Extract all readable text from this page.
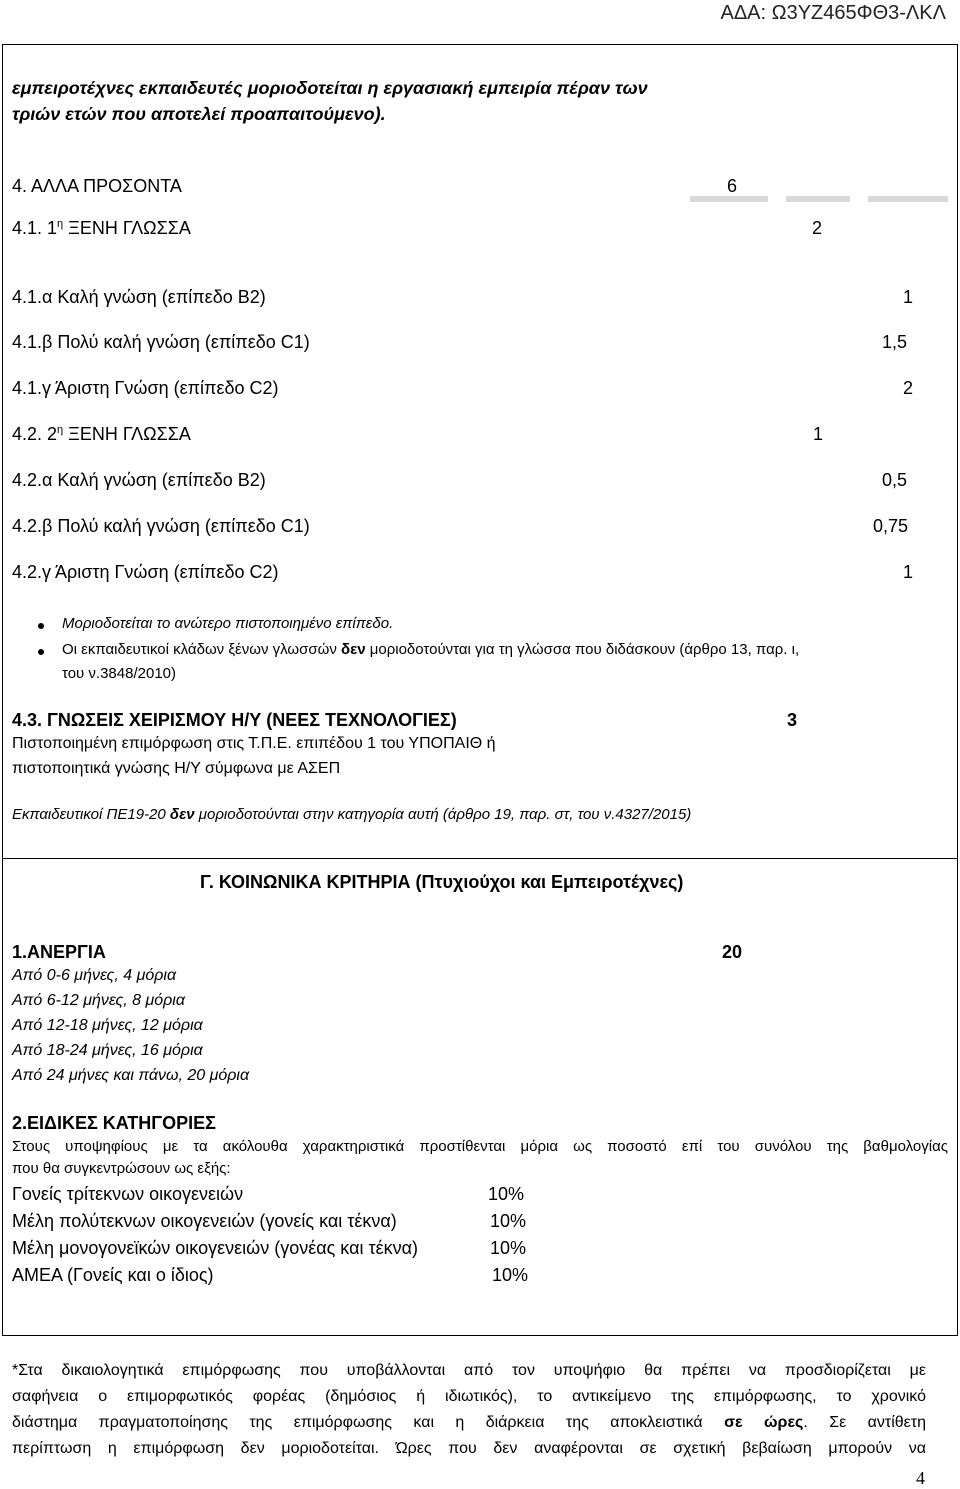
ΑΔΑ: Ω3ΥΖ465ΦΘ3-ΛΚΛ
εμπειροτέχνες εκπαιδευτές μοριοδοτείται η εργασιακή εμπειρία πέραν των
τριών ετών που αποτελεί προαπαιτούμενο).
4. ΑΛΛΑ ΠΡΟΣΟΝΤΑ	6
4.1. $1^\eta$ ΞΕΝΗ ΓΛΩΣΣΑ	2
4.1.α Καλή γνώση (επίπεδο Β2)	1
4.1.β Πολύ καλή γνώση (επίπεδο C1)	1,5
4.1.γ Άριστη Γνώση (επίπεδο C2)	2
4.2. $2^\eta$ ΞΕΝΗ ΓΛΩΣΣΑ	1
4.2.α Καλή γνώση (επίπεδο Β2)	0,5
4.2.β Πολύ καλή γνώση (επίπεδο C1)	0,75
4.2.γ Άριστη Γνώση (επίπεδο C2)	1
Μοριοδοτείται το ανώτερο πιστοποιημένο επίπεδο.
Οι εκπαιδευτικοί κλάδων ξένων γλωσσών δεν μοριοδοτούνται για τη γλώσσα που διδάσκουν (άρθρο 13, παρ. ι,
του ν.3848/2010)
4.3. ΓΝΩΣΕΙΣ ΧΕΙΡΙΣΜΟΥ Η/Υ (ΝΕΕΣ ΤΕΧΝΟΛΟΓΙΕΣ)	3
Πιστοποιημένη επιμόρφωση στις Τ.Π.Ε. επιπέδου 1 του ΥΠΟΠΑΙΘ ή
πιστοποιητικά γνώσης Η/Υ σύμφωνα με ΑΣΕΠ
Εκπαιδευτικοί ΠΕ19-20 δεν μοριοδοτούνται στην κατηγορία αυτή (άρθρο 19, παρ. στ, του ν.4327/2015)
Γ. ΚΟΙΝΩΝΙΚΑ ΚΡΙΤΗΡΙΑ (Πτυχιούχοι και Εμπειροτέχνες)
1.ΑΝΕΡΓΙΑ	20
Από 0-6 μήνες, 4 μόρια
Από 6-12 μήνες, 8 μόρια
Από 12-18 μήνες, 12 μόρια
Από 18-24 μήνες, 16 μόρια
Από 24 μήνες και πάνω, 20 μόρια
2.ΕΙΔΙΚΕΣ ΚΑΤΗΓΟΡΙΕΣ
Στους υποψηφίους με τα ακόλουθα χαρακτηριστικά προστίθενται μόρια ως ποσοστό επί του συνόλου της βαθμολογίας
που θα συγκεντρώσουν ως εξής:
Γονείς τρίτεκνων οικογενειών	10%
Μέλη πολύτεκνων οικογενειών (γονείς και τέκνα)	10%
Μέλη μονογονεϊκών οικογενειών (γονέας και τέκνα)	10%
ΑΜΕΑ (Γονείς και ο ίδιος)	10%
*Στα δικαιολογητικά επιμόρφωσης που υποβάλλονται από τον υποψήφιο θα πρέπει να προσδιορίζεται με
σαφήνεια ο επιμορφωτικός φορέας (δημόσιος ή ιδιωτικός), το αντικείμενο της επιμόρφωσης, το χρονικό
διάστημα πραγματοποίησης της επιμόρφωσης και η διάρκεια της αποκλειστικά σε ώρες. Σε αντίθετη
περίπτωση η επιμόρφωση δεν μοριοδοτείται. Ώρες που δεν αναφέρονται σε σχετική βεβαίωση μπορούν να
4
